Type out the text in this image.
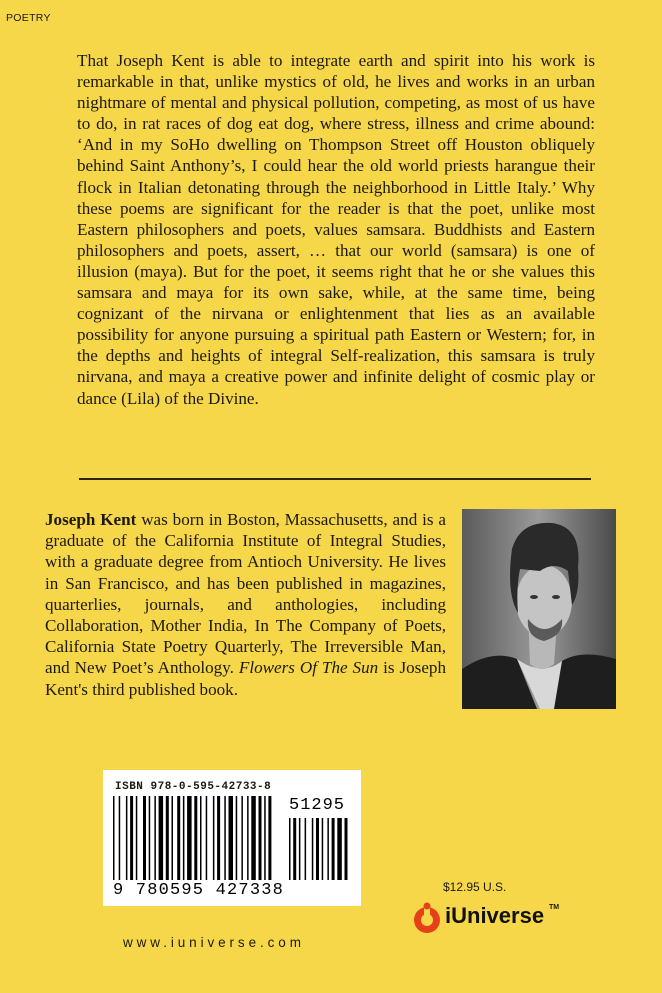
POETRY

That Joseph Kent is able to integrate earth and spirit into his work is remarkable in that, unlike mystics of old, he lives and works in an urban nightmare of mental and physical pollution, competing, as most of us have to do, in rat races of dog eat dog, where stress, illness and crime abound: ‘And in my SoHo dwelling on Thompson Street off Houston obliquely behind Saint Anthony’s, I could hear the old world priests harangue their flock in Italian detonating through the neighborhood in Little Italy.’ Why these poems are significant for the reader is that the poet, unlike most Eastern philosophers and poets, values samsara. Buddhists and Eastern philosophers and poets, assert, … that our world (samsara) is one of illusion (maya). But for the poet, it seems right that he or she values this samsara and maya for its own sake, while, at the same time, being cognizant of the nirvana or enlightenment that lies as an available possibility for anyone pursuing a spiritual path Eastern or Western; for, in the depths and heights of integral Self-realization, this samsara is truly nirvana, and maya a creative power and infinite delight of cosmic play or dance (Lila) of the Divine.

Joseph Kent was born in Boston, Massachusetts, and is a graduate of the California Institute of Integral Studies, with a graduate degree from Antioch University. He lives in San Francisco, and has been published in magazines, quarterlies, journals, and anthologies, including Collaboration, Mother India, In The Company of Poets, California State Poetry Quarterly, The Irreversible Man, and New Poet’s Anthology. Flowers Of The Sun is Joseph Kent's third published book.

ISBN 978-0-595-42733-8
51295
9 780595 427338
www.iuniverse.com
$12.95 U.S.
iUniverse TM
